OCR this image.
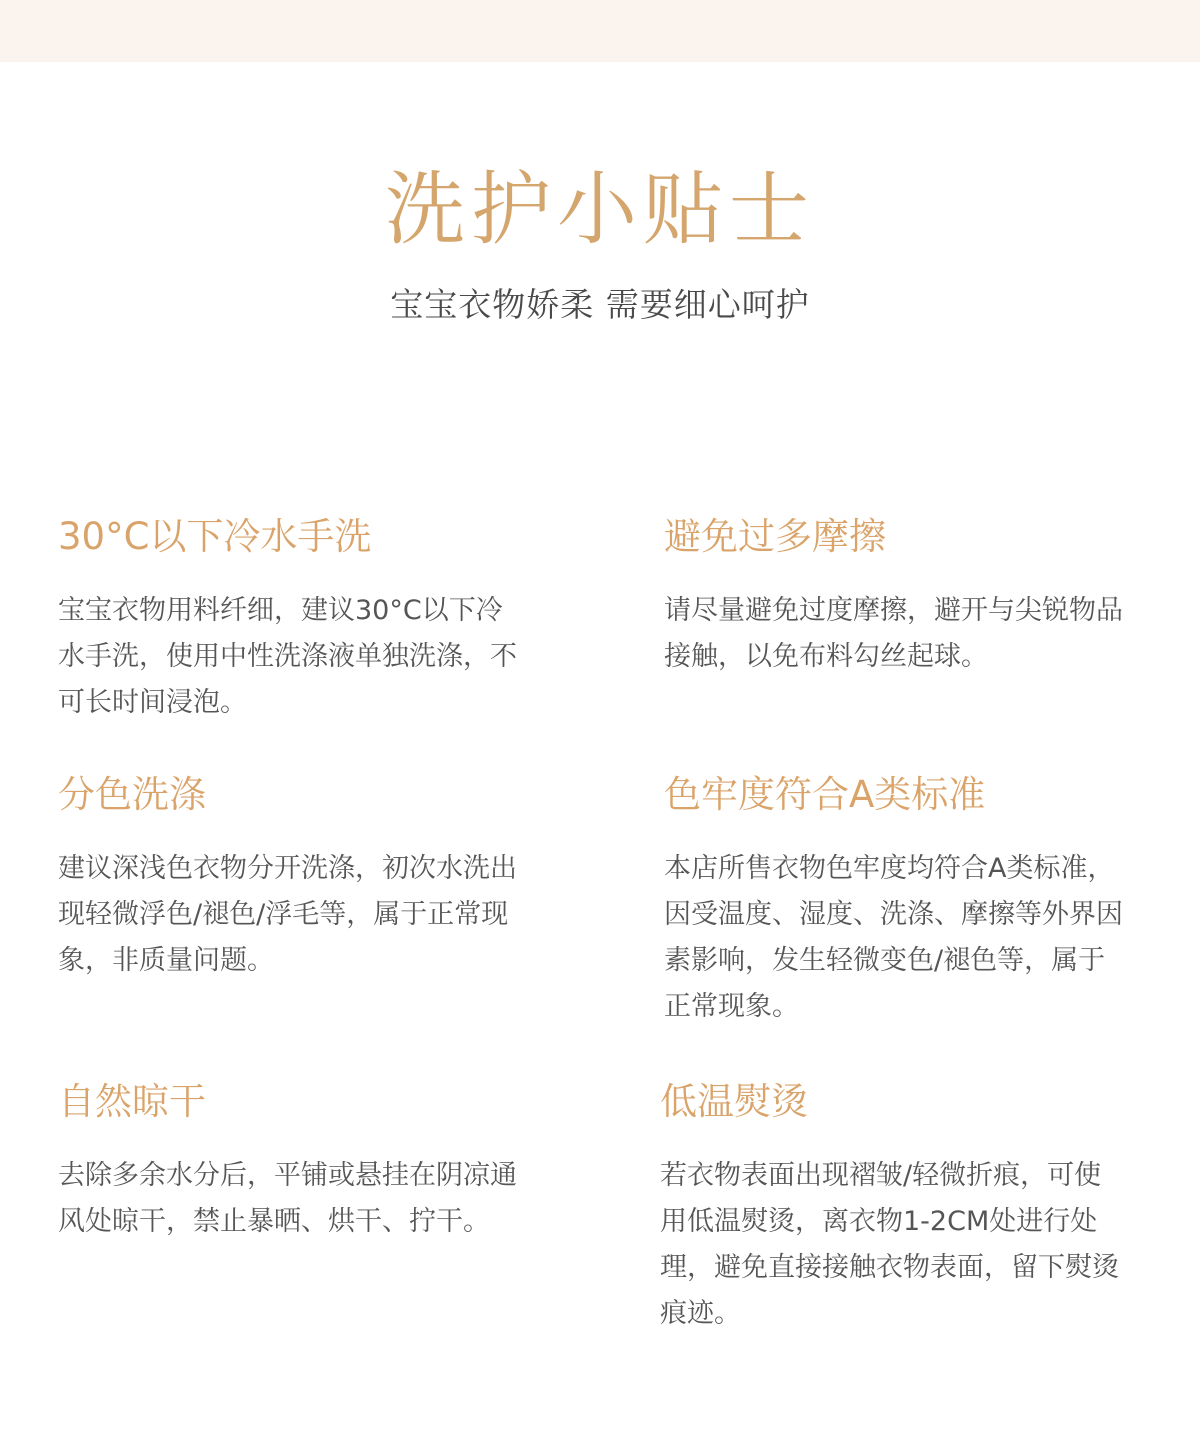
洗护小贴士

宝宝衣物娇柔 需要细心呵护

30°C以下冷水手洗

宝宝衣物用料纤细，建议30°C以下冷水手洗，使用中性洗涤液单独洗涤，不可长时间浸泡。

避免过多摩擦

请尽量避免过度摩擦，避开与尖锐物品接触，以免布料勾丝起球。

分色洗涤

建议深浅色衣物分开洗涤，初次水洗出现轻微浮色/褪色/浮毛等，属于正常现象，非质量问题。

色牢度符合A类标准

本店所售衣物色牢度均符合A类标准，因受温度、湿度、洗涤、摩擦等外界因素影响，发生轻微变色/褪色等，属于正常现象。

自然晾干

去除多余水分后，平铺或悬挂在阴凉通风处晾干，禁止暴晒、烘干、拧干。

低温熨烫

若衣物表面出现褶皱/轻微折痕，可使用低温熨烫，离衣物1-2CM处进行处理，避免直接接触衣物表面，留下熨烫痕迹。
